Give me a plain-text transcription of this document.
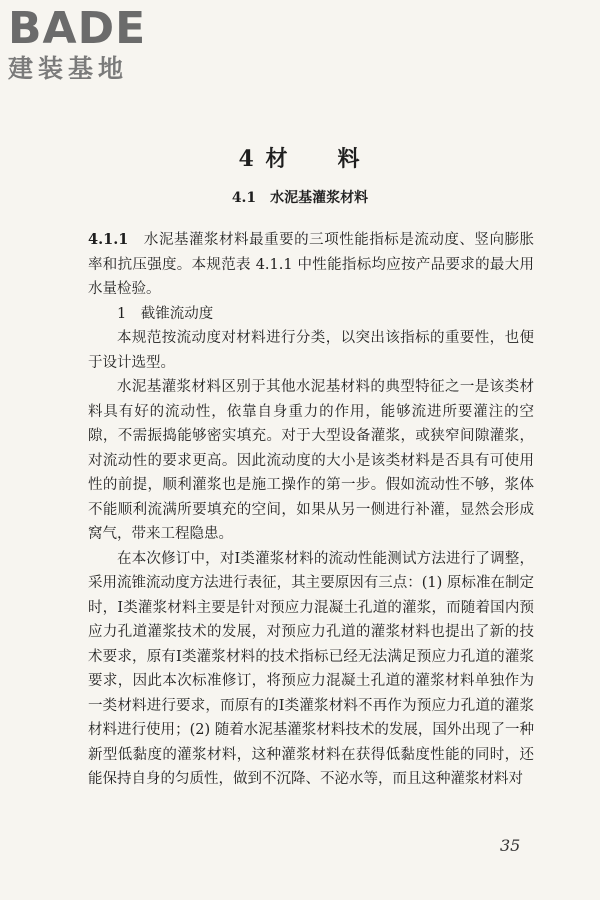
BADE
建装基地
4 材　　料
4.1　水泥基灌浆材料

4.1.1　 水泥基灌浆材料最重要的三项性能指标是流动度、竖向膨胀率和抗压强度。本规范表 4.1.1 中性能指标均应按产品要求的最大用水量检验。

1　截锥流动度

本规范按流动度对材料进行分类，以突出该指标的重要性，也便于设计选型。

水泥基灌浆材料区别于其他水泥基材料的典型特征之一是该类材料具有好的流动性，依靠自身重力的作用，能够流进所要灌注的空隙，不需振捣能够密实填充。对于大型设备灌浆，或狭窄间隙灌浆，对流动性的要求更高。因此流动度的大小是该类材料是否具有可使用性的前提，顺利灌浆也是施工操作的第一步。假如流动性不够，浆体不能顺利流满所要填充的空间，如果从另一侧进行补灌，显然会形成窝气，带来工程隐患。

在本次修订中，对Ⅰ类灌浆材料的流动性能测试方法进行了调整，采用流锥流动度方法进行表征，其主要原因有三点：(1) 原标准在制定时，Ⅰ类灌浆材料主要是针对预应力混凝土孔道的灌浆，而随着国内预应力孔道灌浆技术的发展，对预应力孔道的灌浆材料也提出了新的技术要求，原有Ⅰ类灌浆材料的技术指标已经无法满足预应力孔道的灌浆要求，因此本次标准修订，将预应力混凝土孔道的灌浆材料单独作为一类材料进行要求，而原有的Ⅰ类灌浆材料不再作为预应力孔道的灌浆材料进行使用；(2) 随着水泥基灌浆材料技术的发展，国外出现了一种新型低黏度的灌浆材料，这种灌浆材料在获得低黏度性能的同时，还能保持自身的匀质性，做到不沉降、不泌水等，而且这种灌浆材料对

35
